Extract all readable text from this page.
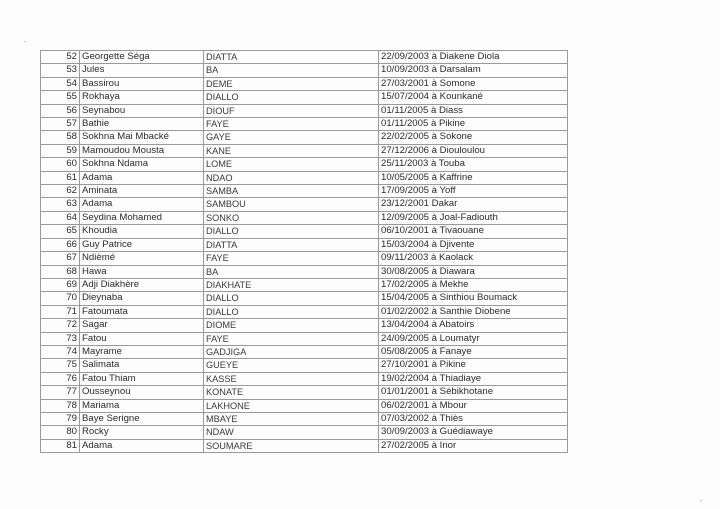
52	Georgette Séga	DIATTA	22/09/2003 à Diakene Diola
53	Jules	BA	10/09/2003 à Darsalam
54	Bassirou	DEME	27/03/2001 à Somone
55	Rokhaya	DIALLO	15/07/2004 à Kounkané
56	Seynabou	DIOUF	01/11/2005 à Diass
57	Bathie	FAYE	01/11/2005 à Pikine
58	Sokhna Mai Mbacké	GAYE	22/02/2005 à Sokone
59	Mamoudou Mousta	KANE	27/12/2006 à Diouloulou
60	Sokhna Ndama	LOME	25/11/2003 à Touba
61	Adama	NDAO	10/05/2005 à Kaffrine
62	Aminata	SAMBA	17/09/2005 à Yoff
63	Adama	SAMBOU	23/12/2001 Dakar
64	Seydina Mohamed	SONKO	12/09/2005 à Joal-Fadiouth
65	Khoudia	DIALLO	06/10/2001 à Tivaouane
66	Guy Patrice	DIATTA	15/03/2004 à Djivente
67	Ndièmé	FAYE	09/11/2003 à Kaolack
68	Hawa	BA	30/08/2005 à Diawara
69	Adji Diakhère	DIAKHATE	17/02/2005 à Mekhe
70	Dieynaba	DIALLO	15/04/2005 à Sinthiou Boumack
71	Fatoumata	DIALLO	01/02/2002 à Santhie Diobene
72	Sagar	DIOME	13/04/2004 à Abatoirs
73	Fatou	FAYE	24/09/2005 à Loumatyr
74	Mayrame	GADJIGA	05/08/2005 à Fanaye
75	Salimata	GUEYE	27/10/2001 à Pikine
76	Fatou Thiam	KASSE	19/02/2004 à Thiadiaye
77	Ousseynou	KONATE	01/01/2001 à Sébikhotane
78	Mariama	LAKHONE	06/02/2001 à Mbour
79	Baye Serigne	MBAYE	07/03/2002 à Thiès
80	Rocky	NDAW	30/09/2003 à Guédiawaye
81	Adama	SOUMARE	27/02/2005 à Inor
